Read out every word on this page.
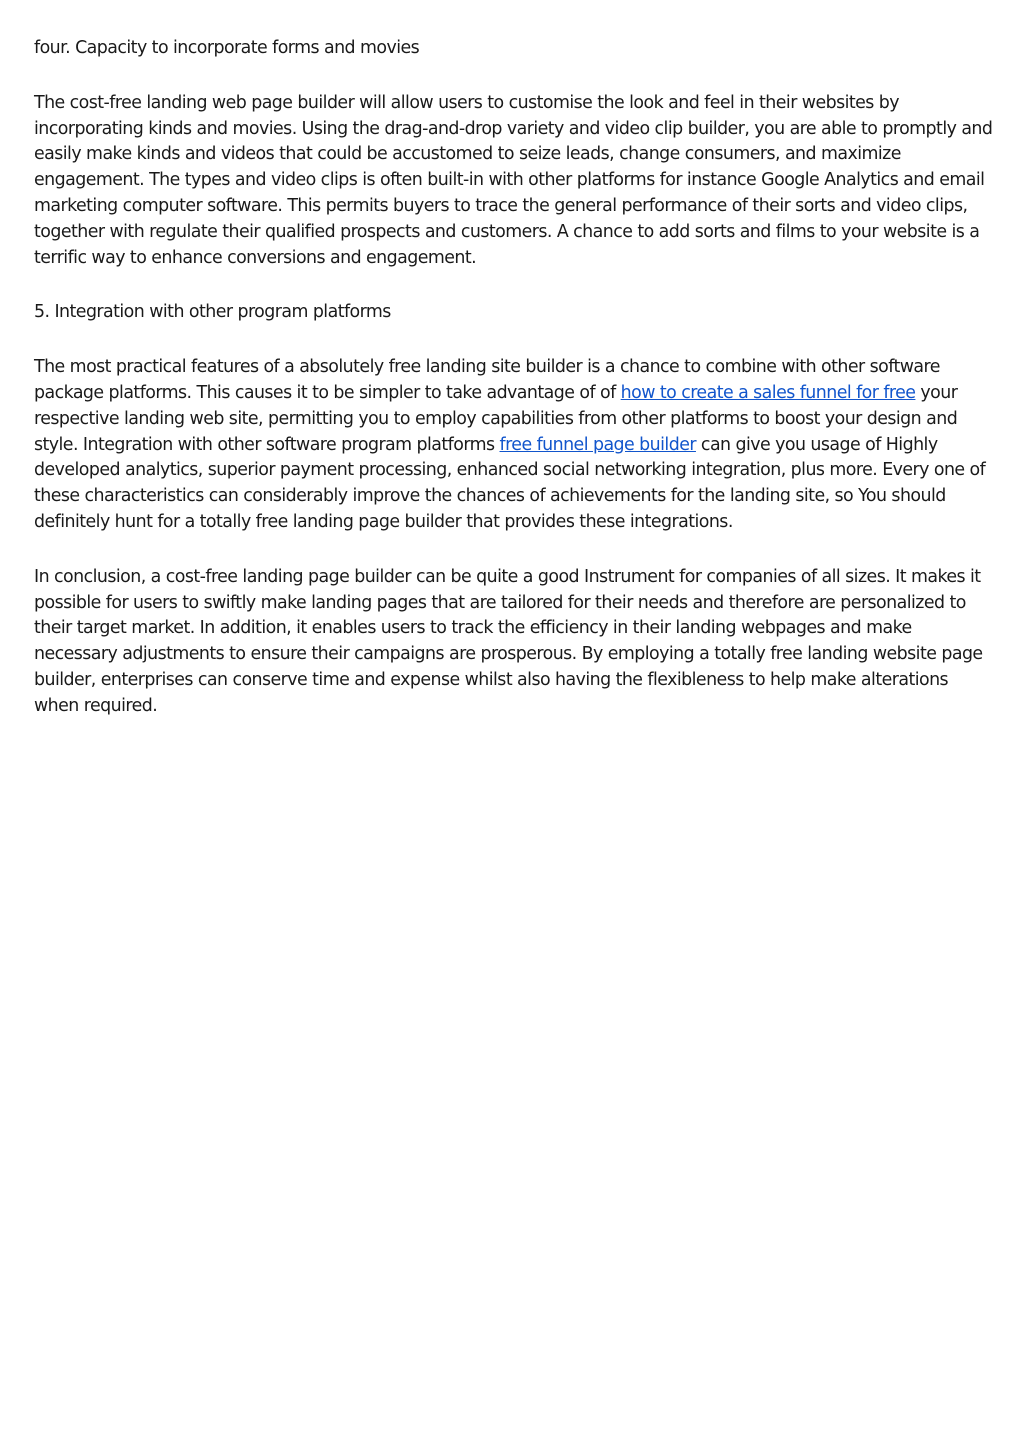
four. Capacity to incorporate forms and movies

The cost-free landing web page builder will allow users to customise the look and feel in their websites by incorporating kinds and movies. Using the drag-and-drop variety and video clip builder, you are able to promptly and easily make kinds and videos that could be accustomed to seize leads, change consumers, and maximize engagement. The types and video clips is often built-in with other platforms for instance Google Analytics and email marketing computer software. This permits buyers to trace the general performance of their sorts and video clips, together with regulate their qualified prospects and customers. A chance to add sorts and films to your website is a terrific way to enhance conversions and engagement.

5. Integration with other program platforms

The most practical features of a absolutely free landing site builder is a chance to combine with other software package platforms. This causes it to be simpler to take advantage of of how to create a sales funnel for free your respective landing web site, permitting you to employ capabilities from other platforms to boost your design and style. Integration with other software program platforms free funnel page builder can give you usage of Highly developed analytics, superior payment processing, enhanced social networking integration, plus more. Every one of these characteristics can considerably improve the chances of achievements for the landing site, so You should definitely hunt for a totally free landing page builder that provides these integrations.

In conclusion, a cost-free landing page builder can be quite a good Instrument for companies of all sizes. It makes it possible for users to swiftly make landing pages that are tailored for their needs and therefore are personalized to their target market. In addition, it enables users to track the efficiency in their landing webpages and make necessary adjustments to ensure their campaigns are prosperous. By employing a totally free landing website page builder, enterprises can conserve time and expense whilst also having the flexibleness to help make alterations when required.
